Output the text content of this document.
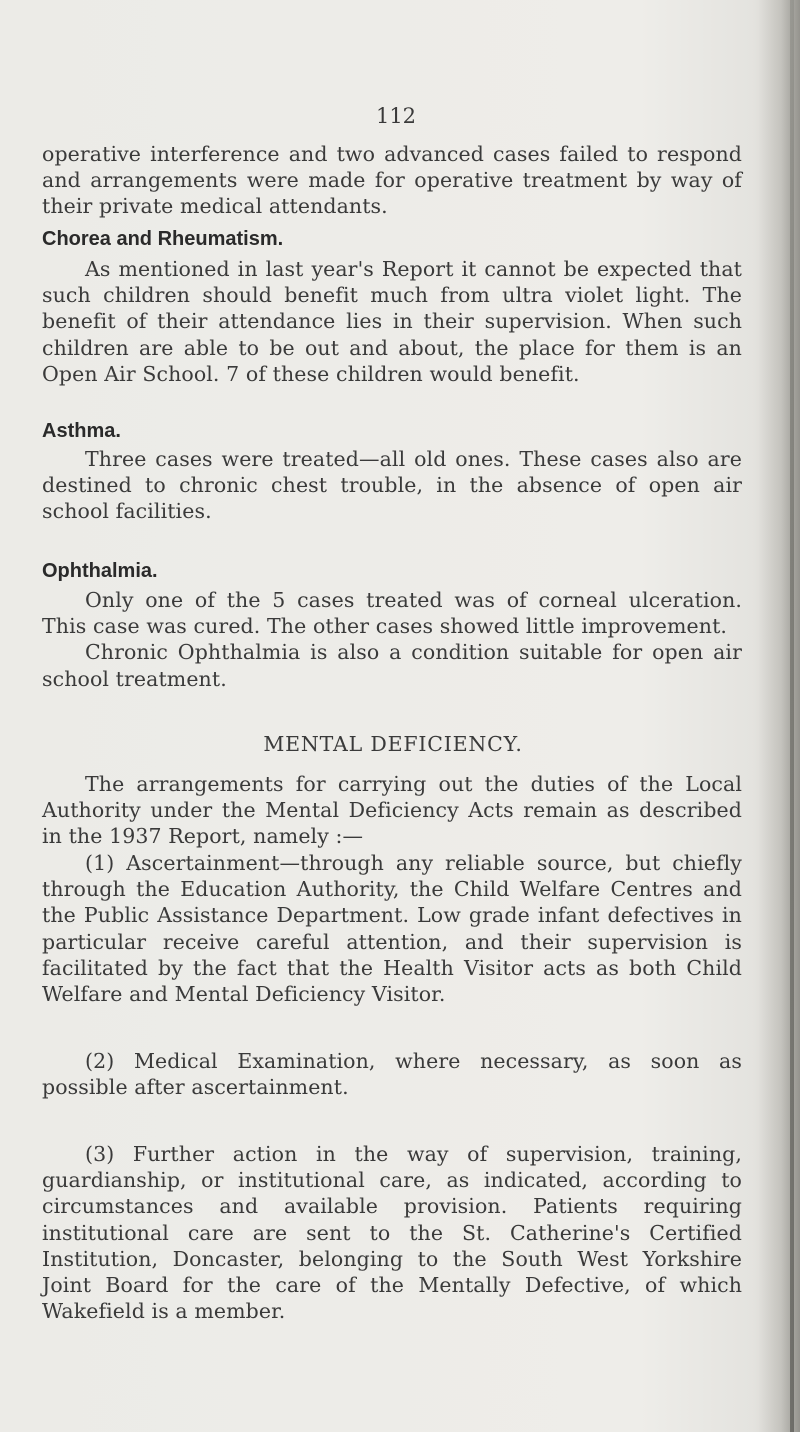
112

operative interference and two advanced cases failed to respond and arrangements were made for operative treatment by way of their private medical attendants.

Chorea and Rheumatism.

As mentioned in last year's Report it cannot be expected that such children should benefit much from ultra violet light. The benefit of their attendance lies in their supervision. When such children are able to be out and about, the place for them is an Open Air School. 7 of these children would benefit.

Asthma.

Three cases were treated—all old ones. These cases also are destined to chronic chest trouble, in the absence of open air school facilities.

Ophthalmia.

Only one of the 5 cases treated was of corneal ulceration. This case was cured. The other cases showed little improvement.

Chronic Ophthalmia is also a condition suitable for open air school treatment.

MENTAL DEFICIENCY.

The arrangements for carrying out the duties of the Local Authority under the Mental Deficiency Acts remain as described in the 1937 Report, namely :—

(1) Ascertainment—through any reliable source, but chiefly through the Education Authority, the Child Welfare Centres and the Public Assistance Department. Low grade infant defectives in particular receive careful attention, and their supervision is facilitated by the fact that the Health Visitor acts as both Child Welfare and Mental Deficiency Visitor.

(2) Medical Examination, where necessary, as soon as possible after ascertainment.

(3) Further action in the way of supervision, training, guardianship, or institutional care, as indicated, according to circumstances and available provision. Patients requiring institutional care are sent to the St. Catherine's Certified Institution, Doncaster, belonging to the South West Yorkshire Joint Board for the care of the Mentally Defective, of which Wakefield is a member.
